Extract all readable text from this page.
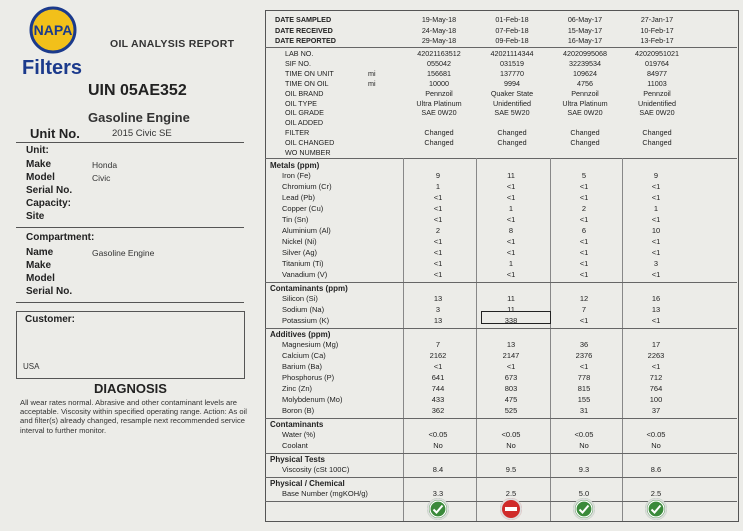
NAPA
Filters
OIL ANALYSIS REPORT
UIN 05AE352
Gasoline Engine
Unit No.	2015 Civic SE
Unit:
Make	Honda
Model	Civic
Serial No.
Capacity:
Site
Compartment:
Name	Gasoline Engine
Make
Model
Serial No.
Customer:
USA
DIAGNOSIS
All wear rates normal. Abrasive and other contaminant levels are acceptable. Viscosity within specified operating range. Action: As oil and filter(s) already changed, resample next recommended service interval to further monitor.
DATE SAMPLED	19-May-18	01-Feb-18	06-May-17	27-Jan-17
DATE RECEIVED	24-May-18	07-Feb-18	15-May-17	10-Feb-17
DATE REPORTED	29-May-18	09-Feb-18	16-May-17	13-Feb-17
LAB NO.	42021163512	42021114344	42020995068	42020951021
SIF NO.	055042	031519	32239534	019764
TIME ON UNIT	mi	156681	137770	109624	84977
TIME ON OIL	mi	10000	9994	4756	11003
OIL BRAND	Pennzoil	Quaker State	Pennzoil	Pennzoil
OIL TYPE	Ultra Platinum	Unidentified	Ultra Platinum	Unidentified
OIL GRADE	SAE 0W20	SAE 5W20	SAE 0W20	SAE 0W20
OIL ADDED
FILTER	Changed	Changed	Changed	Changed
OIL CHANGED	Changed	Changed	Changed	Changed
WO NUMBER
Metals (ppm)
Iron (Fe)	9	11	5	9
Chromium (Cr)	1	<1	<1	<1
Lead (Pb)	<1	<1	<1	<1
Copper (Cu)	<1	1	2	1
Tin (Sn)	<1	<1	<1	<1
Aluminium (Al)	2	8	6	10
Nickel (Ni)	<1	<1	<1	<1
Silver (Ag)	<1	<1	<1	<1
Titanium (Ti)	<1	1	<1	3
Vanadium (V)	<1	<1	<1	<1
Contaminants (ppm)
Silicon (Si)	13	11	12	16
Sodium (Na)	3	11	7	13
Potassium (K)	13	338	<1	<1
Additives (ppm)
Magnesium (Mg)	7	13	36	17
Calcium (Ca)	2162	2147	2376	2263
Barium (Ba)	<1	<1	<1	<1
Phosphorus (P)	641	673	778	712
Zinc (Zn)	744	803	815	764
Molybdenum (Mo)	433	475	155	100
Boron (B)	362	525	31	37
Contaminants
Water (%)	<0.05	<0.05	<0.05	<0.05
Coolant	No	No	No	No
Physical Tests
Viscosity (cSt 100C)	8.4	9.5	9.3	8.6
Physical / Chemical
Base Number (mgKOH/g)	3.3	2.5	5.0	2.5
